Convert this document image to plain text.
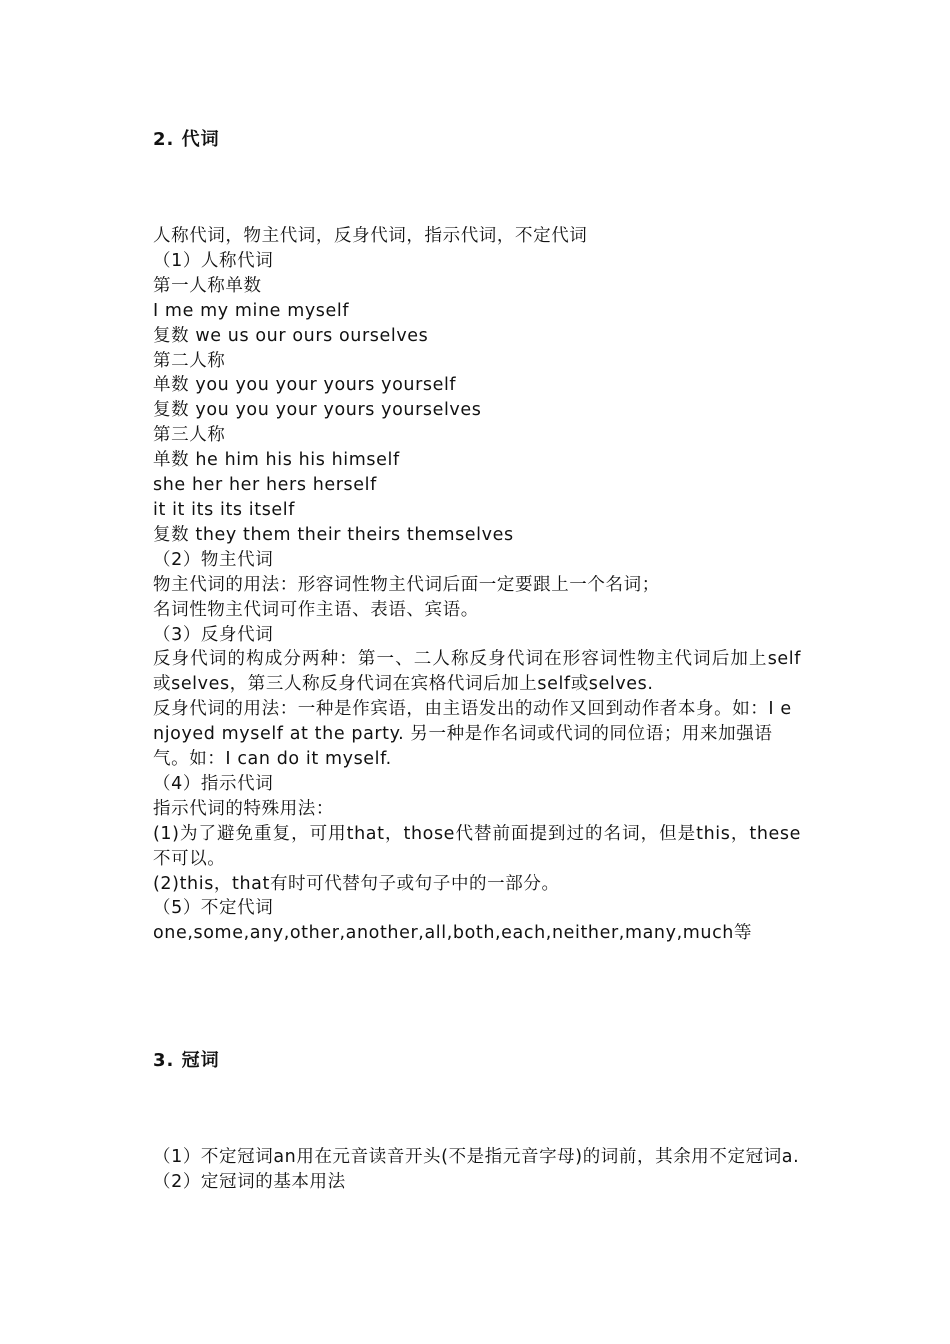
2. 代词
人称代词，物主代词，反身代词，指示代词，不定代词
（1）人称代词
第一人称单数
I me my mine myself
复数 we us our ours ourselves
第二人称
单数 you you your yours yourself
复数 you you your yours yourselves
第三人称
单数 he him his his himself
she her her hers herself
it it its its itself
复数 they them their theirs themselves
（2）物主代词
物主代词的用法：形容词性物主代词后面一定要跟上一个名词；
名词性物主代词可作主语、表语、宾语。
（3）反身代词
反身代词的构成分两种：第一、二人称反身代词在形容词性物主代词后加上self或selves，第三人称反身代词在宾格代词后加上self或selves.
反身代词的用法：一种是作宾语，由主语发出的动作又回到动作者本身。如：I enjoyed myself at the party. 另一种是作名词或代词的同位语；用来加强语气。如：I can do it myself.
（4）指示代词
指示代词的特殊用法：
(1)为了避免重复，可用that，those代替前面提到过的名词，但是this，these不可以。
(2)this，that有时可代替句子或句子中的一部分。
（5）不定代词
one,some,any,other,another,all,both,each,neither,many,much等
3. 冠词
（1）不定冠词an用在元音读音开头(不是指元音字母)的词前，其余用不定冠词a.
（2）定冠词的基本用法
